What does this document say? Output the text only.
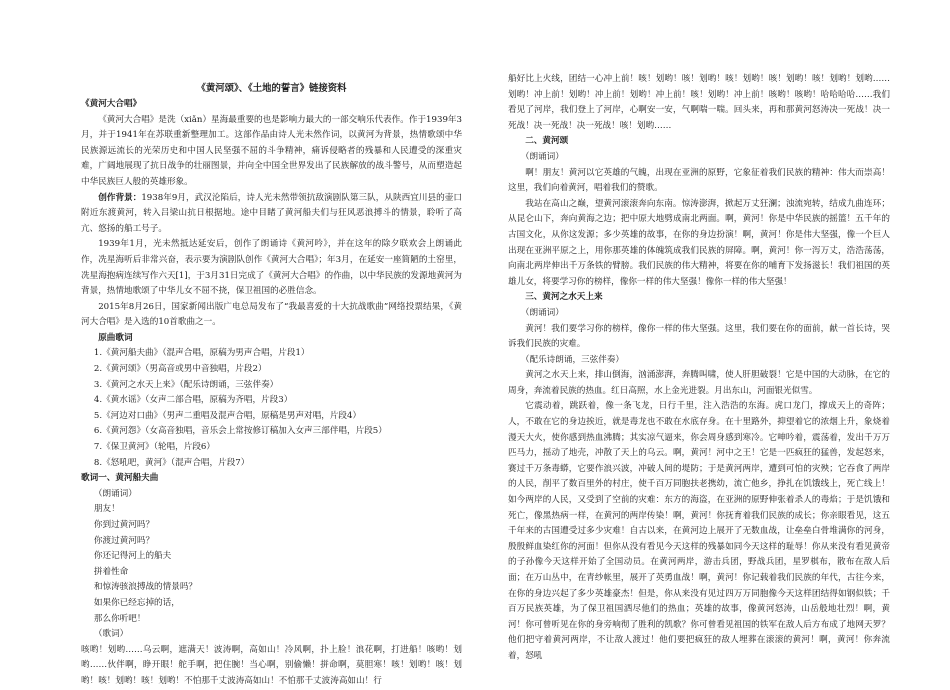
《黄河颂》、《土地的誓言》链接资料

《黄河大合唱》

《黄河大合唱》是洗（xiǎn）星海最重要的也是影响力最大的一部交响乐代表作。作于1939年3月，并于1941年在苏联重新整理加工。这部作品由诗人光未然作词，以黄河为背景，热情歌颂中华民族源远流长的光荣历史和中国人民坚强不屈的斗争精神，痛诉侵略者的残暴和人民遭受的深重灾难，广阔地展现了抗日战争的壮丽图景，并向全中国全世界发出了民族解放的战斗警号，从而塑造起中华民族巨人般的英雄形象。

创作背景：1938年9月，武汉沦陷后，诗人光未然带领抗敌演剧队第三队，从陕西宜川县的壶口附近东渡黄河，转入吕梁山抗日根据地。途中目睹了黄河船夫们与狂风恶浪搏斗的情景，聆听了高亢、悠扬的船工号子。

1939年1月，光未然抵达延安后，创作了朗诵诗《黄河吟》，并在这年的除夕联欢会上朗诵此作，冼星海听后非常兴奋，表示要为演剧队创作《黄河大合唱》；年3月，在延安一座简陋的土窑里，冼星海抱病连续写作六天[1]，于3月31日完成了《黄河大合唱》的作曲，以中华民族的发源地黄河为背景，热情地歌颂了中华儿女不屈不挠，保卫祖国的必胜信念。

2015年8月26日，国家新闻出版广电总局发布了“我最喜爱的十大抗战歌曲”网络投票结果，《黄河大合唱》是入选的10首歌曲之一。

原曲歌词

1.《黄河船夫曲》（混声合唱，原稿为男声合唱，片段1）

2.《黄河颂》（男高音或男中音独唱，片段2）

3.《黄河之水天上来》（配乐诗朗诵，三弦伴奏）

4.《黄水谣》（女声二部合唱，原稿为齐唱，片段3）

5.《河边对口曲》（男声二重唱及混声合唱，原稿是男声对唱，片段4）

6.《黄河怨》（女高音独唱，音乐会上常按修订稿加入女声三部伴唱，片段5）

7.《保卫黄河》（轮唱，片段6）

8.《怒吼吧，黄河》（混声合唱，片段7）

歌词一、黄河船夫曲

（朗诵词）

朋友！

你到过黄河吗？

你渡过黄河吗？

你还记得河上的船夫

拼着性命

和惊涛骇浪搏战的情景吗？

如果你已经忘掉的话，

那么你听吧！

（歌词）

咳哟！划哟……乌云啊，遮满天！波涛啊，高如山！冷风啊，扑上脸！浪花啊，打进船！咳哟！划哟……伙伴啊，睁开眼！舵手啊，把住腕！当心啊，别偷懒！拼命啊，莫胆寒！咳！划哟！咳！划哟！咳！划哟！咳！划哟！不怕那千丈波涛高如山！不怕那千丈波涛高如山！行

船好比上火线，团结一心冲上前！咳！划哟！咳！划哟！咳！划哟！咳！划哟！咳！划哟！划哟……划哟！冲上前！划哟！冲上前！划哟！冲上前！咳！划哟！冲上前！咳哟！咳哟！哈哈哈哈……我们看见了河岸，我们登上了河岸，心啊安一安，气啊喘一喘。回头来，再和那黄河怒涛决一死战！决一死战！决一死战！决一死战！咳！划哟……

二、黄河颂

（朗诵词）

啊！朋友！黄河以它英雄的气魄，出现在亚洲的原野，它象征着我们民族的精神：伟大而崇高！这里，我们向着黄河，唱着我们的赞歌。

我站在高山之巅，望黄河滚滚奔向东南。惊涛澎湃，掀起万丈狂澜；浊流宛转，结成九曲连环；从昆仑山下，奔向黄海之边；把中原大地劈成南北两面。啊，黄河！你是中华民族的摇篮！五千年的古国文化，从你这发源；多少英雄的故事，在你的身边扮演！啊，黄河！你是伟大坚强，像一个巨人出现在亚洲平原之上，用你那英雄的体魄筑成我们民族的屏障。啊，黄河！你一泻万丈，浩浩荡荡，向南北两岸伸出千万条铁的臂膀。我们民族的伟大精神，将要在你的哺育下发扬滋长！我们祖国的英雄儿女，将要学习你的榜样，像你一样的伟大坚强！像你一样的伟大坚强！

三、黄河之水天上来

（朗诵词）

黄河！我们要学习你的榜样，像你一样的伟大坚强。这里，我们要在你的面前，献一首长诗，哭诉我们民族的灾难。

（配乐诗朗诵，三弦伴奏）

黄河之水天上来，排山倒海，汹涌澎湃，奔腾叫啸，使人肝胆破裂！它是中国的大动脉，在它的周身，奔流着民族的热血。红日高照，水上金光进裂。月出东山，河面银光似雪。

它震动着，跳跃着，像一条飞龙，日行千里，注入浩浩的东海。虎口龙门，撑成天上的奇阵；人，不敢在它的身边挨近，就是毒龙也不敢在水底存身。在十里路外，抑望着它的浓烟上升，象烧着漫天大火，使你感到热血沸腾；其实凉气逼来，你会周身感到寒冷。它呻吟着，震荡着，发出千万万匹马力，摇动了地壳，冲散了天上的乌云。啊，黄河！河中之王！它是一匹疯狂的猛兽，发起怒来，赛过千万条毒蟒，它要作浪兴波，冲破人间的堤防；于是黄河两岸，遭到可怕的灾殃；它吞食了两岸的人民，削平了数百里外的村庄，使千百万同胞扶老携幼，流亡他乡，挣扎在饥饿线上，死亡线上！如今两岸的人民，又受到了空前的灾难：东方的海盗，在亚洲的原野伸张着杀人的毒焰；于是饥饿和死亡，像黑热病一样，在黄河的两岸传染！啊，黄河！你抚育着我们民族的成长；你亲眼看见，这五千年来的古国遭受过多少灾难！自古以来，在黄河边上展开了无数血战，让垒垒白骨堆满你的河身，殷殷鲜血染红你的河面！但你从没有看见今天这样的残暴如同今天这样的耻辱！你从来没有看见黄帝的子孙像今天这样开始了全国动员。在黄河两岸，游击兵团，野战兵团，星罗棋布，散布在敌人后面；在万山丛中，在青纱帐里，展开了英勇血战！啊，黄河！你记载着我们民族的年代，古往今来，在你的身边兴起了多少英雄豪杰！但是，你从来没有见过四万万同胞像今天这样团结得如钢似铁；千百万民族英雄，为了保卫祖国洒尽他们的热血；英雄的故事，像黄河怒涛，山岳般地壮烈！啊，黄河！你可曾听见在你的身旁响彻了胜利的凯歌？你可曾看见祖国的铁军在敌人后方布成了地网天罗？他们把守着黄河两岸，不让敌人渡过！他们要把疯狂的敌人埋葬在滚滚的黄河！啊，黄河！你奔流着，怒吼
